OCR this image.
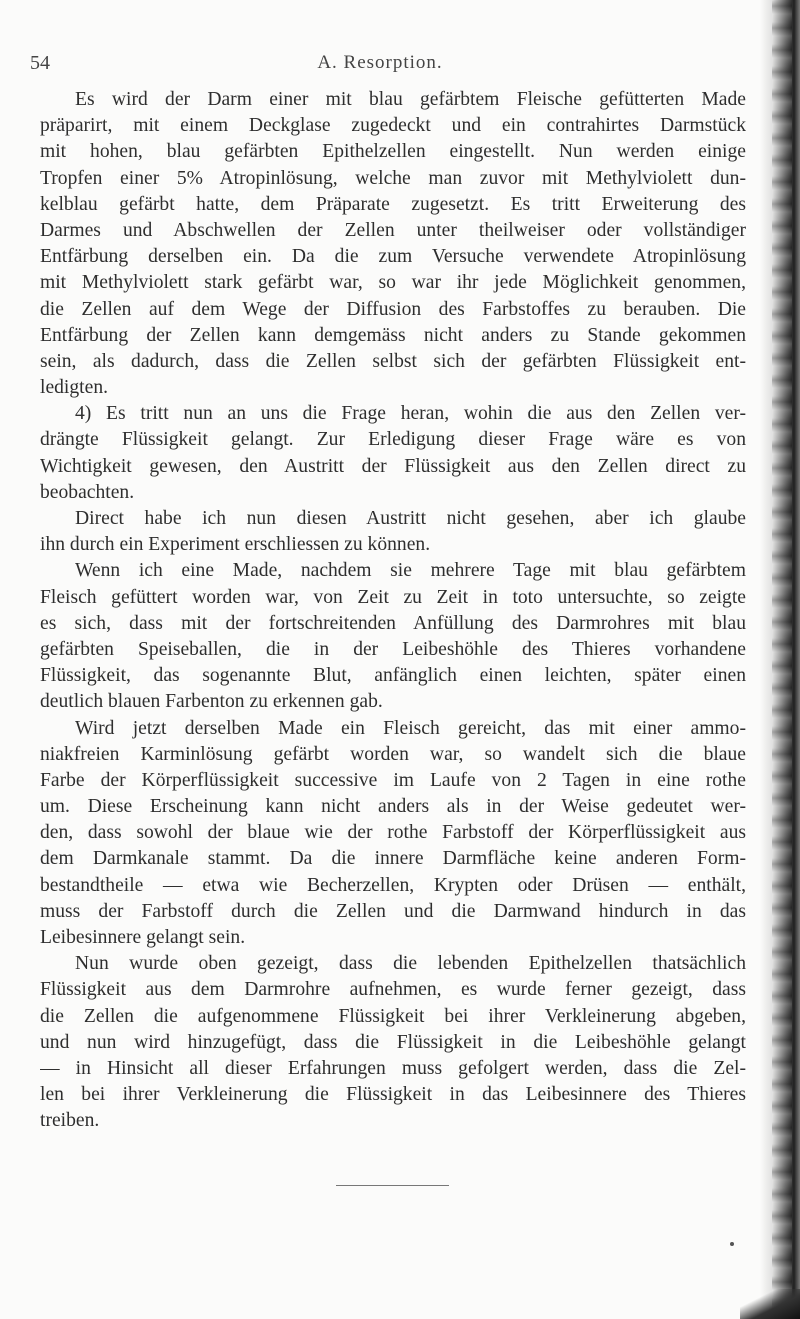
54	A. Resorption.
Es wird der Darm einer mit blau gefärbtem Fleische gefütterten Made
präparirt, mit einem Deckglase zugedeckt und ein contrahirtes Darmstück
mit hohen, blau gefärbten Epithelzellen eingestellt. Nun werden einige
Tropfen einer 5% Atropinlösung, welche man zuvor mit Methylviolett dun-
kelblau gefärbt hatte, dem Präparate zugesetzt. Es tritt Erweiterung des
Darmes und Abschwellen der Zellen unter theilweiser oder vollständiger
Entfärbung derselben ein. Da die zum Versuche verwendete Atropinlösung
mit Methylviolett stark gefärbt war, so war ihr jede Möglichkeit genommen,
die Zellen auf dem Wege der Diffusion des Farbstoffes zu berauben. Die
Entfärbung der Zellen kann demgemäss nicht anders zu Stande gekommen
sein, als dadurch, dass die Zellen selbst sich der gefärbten Flüssigkeit ent-
ledigten.
4) Es tritt nun an uns die Frage heran, wohin die aus den Zellen ver-
drängte Flüssigkeit gelangt. Zur Erledigung dieser Frage wäre es von
Wichtigkeit gewesen, den Austritt der Flüssigkeit aus den Zellen direct zu
beobachten.
Direct habe ich nun diesen Austritt nicht gesehen, aber ich glaube
ihn durch ein Experiment erschliessen zu können.
Wenn ich eine Made, nachdem sie mehrere Tage mit blau gefärbtem
Fleisch gefüttert worden war, von Zeit zu Zeit in toto untersuchte, so zeigte
es sich, dass mit der fortschreitenden Anfüllung des Darmrohres mit blau
gefärbten Speiseballen, die in der Leibeshöhle des Thieres vorhandene
Flüssigkeit, das sogenannte Blut, anfänglich einen leichten, später einen
deutlich blauen Farbenton zu erkennen gab.
Wird jetzt derselben Made ein Fleisch gereicht, das mit einer ammo-
niakfreien Karminlösung gefärbt worden war, so wandelt sich die blaue
Farbe der Körperflüssigkeit successive im Laufe von 2 Tagen in eine rothe
um. Diese Erscheinung kann nicht anders als in der Weise gedeutet wer-
den, dass sowohl der blaue wie der rothe Farbstoff der Körperflüssigkeit aus
dem Darmkanale stammt. Da die innere Darmfläche keine anderen Form-
bestandtheile — etwa wie Becherzellen, Krypten oder Drüsen — enthält,
muss der Farbstoff durch die Zellen und die Darmwand hindurch in das
Leibesinnere gelangt sein.
Nun wurde oben gezeigt, dass die lebenden Epithelzellen thatsächlich
Flüssigkeit aus dem Darmrohre aufnehmen, es wurde ferner gezeigt, dass
die Zellen die aufgenommene Flüssigkeit bei ihrer Verkleinerung abgeben,
und nun wird hinzugefügt, dass die Flüssigkeit in die Leibeshöhle gelangt
— in Hinsicht all dieser Erfahrungen muss gefolgert werden, dass die Zel-
len bei ihrer Verkleinerung die Flüssigkeit in das Leibesinnere des Thieres
treiben.
